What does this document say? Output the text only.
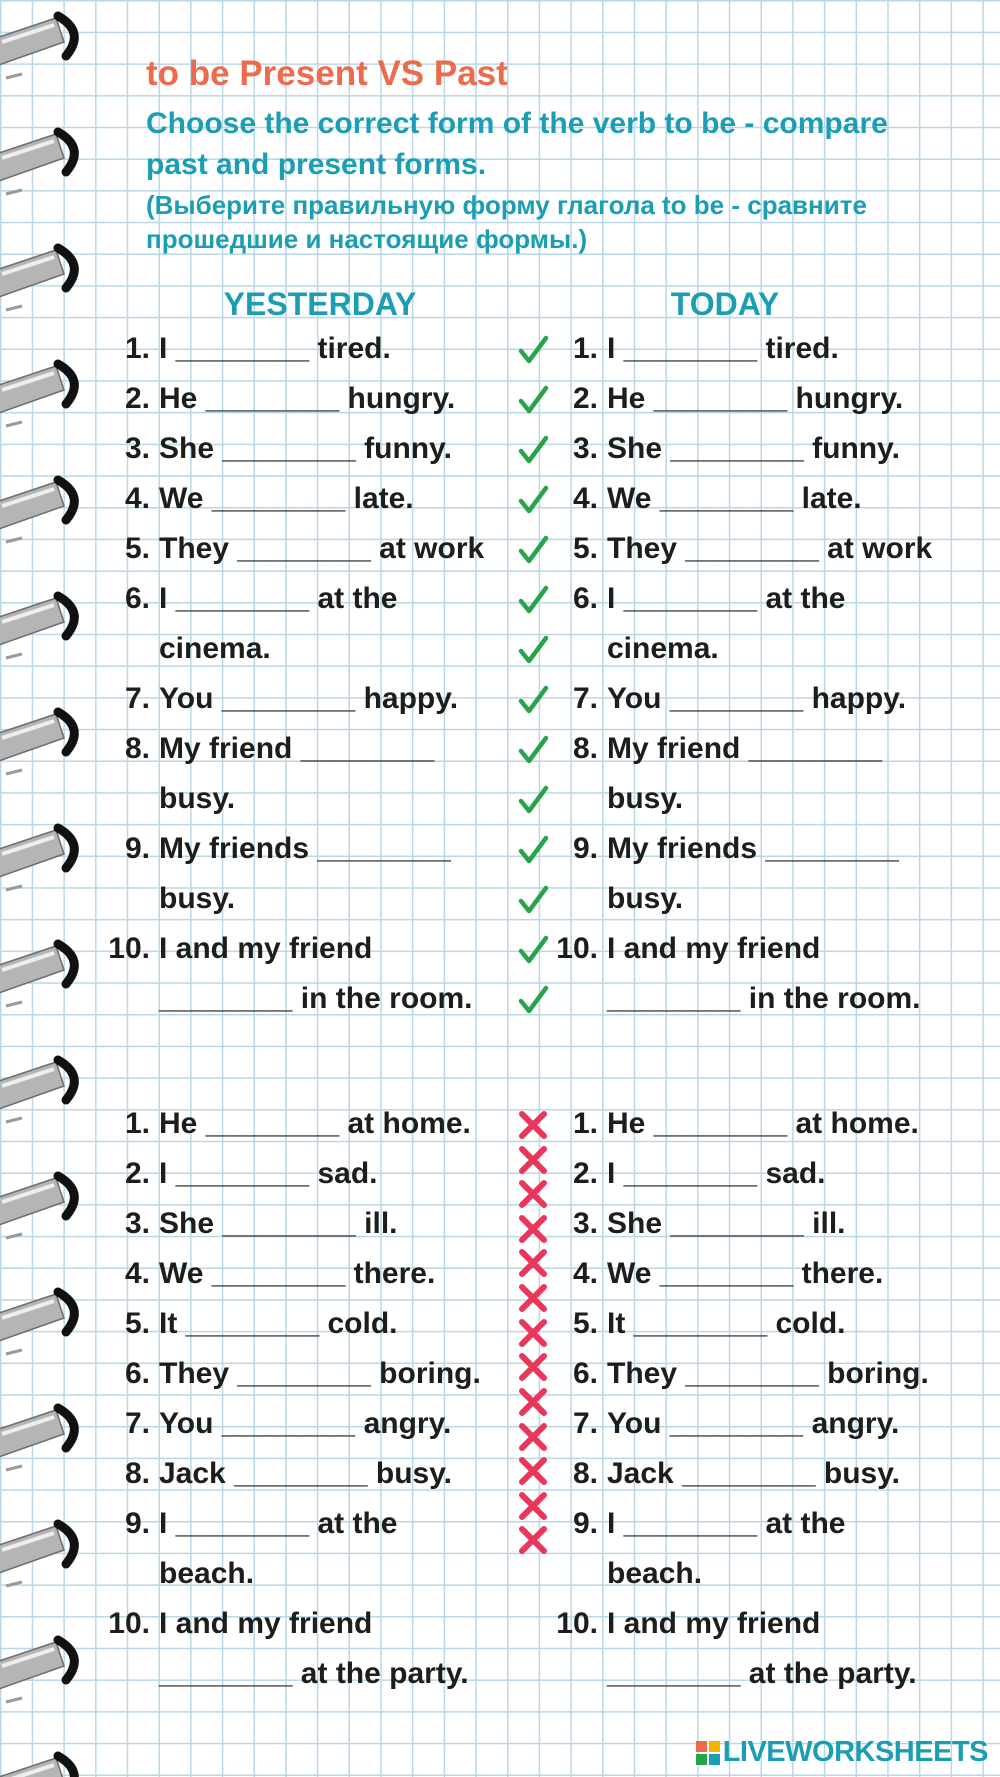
to be Present VS Past
Choose the correct form of the verb to be - compare past and present forms.
(Выберите правильную форму глагола to be - сравните прошедшие и настоящие формы.)
YESTERDAY	TODAY
1. I ________ tired.
2. He ________ hungry.
3. She ________ funny.
4. We ________ late.
5. They ________ at work
6. I ________ at the
cinema.
7. You ________ happy.
8. My friend ________
busy.
9. My friends ________
busy.
10. I and my friend
________ in the room.
1. I ________ tired.
2. He ________ hungry.
3. She ________ funny.
4. We ________ late.
5. They ________ at work
6. I ________ at the
cinema.
7. You ________ happy.
8. My friend ________
busy.
9. My friends ________
busy.
10. I and my friend
________ in the room.
1. He ________ at home.
2. I ________ sad.
3. She ________ ill.
4. We ________ there.
5. It ________ cold.
6. They ________ boring.
7. You ________ angry.
8. Jack ________ busy.
9. I ________ at the
beach.
10. I and my friend
________ at the party.
1. He ________ at home.
2. I ________ sad.
3. She ________ ill.
4. We ________ there.
5. It ________ cold.
6. They ________ boring.
7. You ________ angry.
8. Jack ________ busy.
9. I ________ at the
beach.
10. I and my friend
________ at the party.
LIVEWORKSHEETS
